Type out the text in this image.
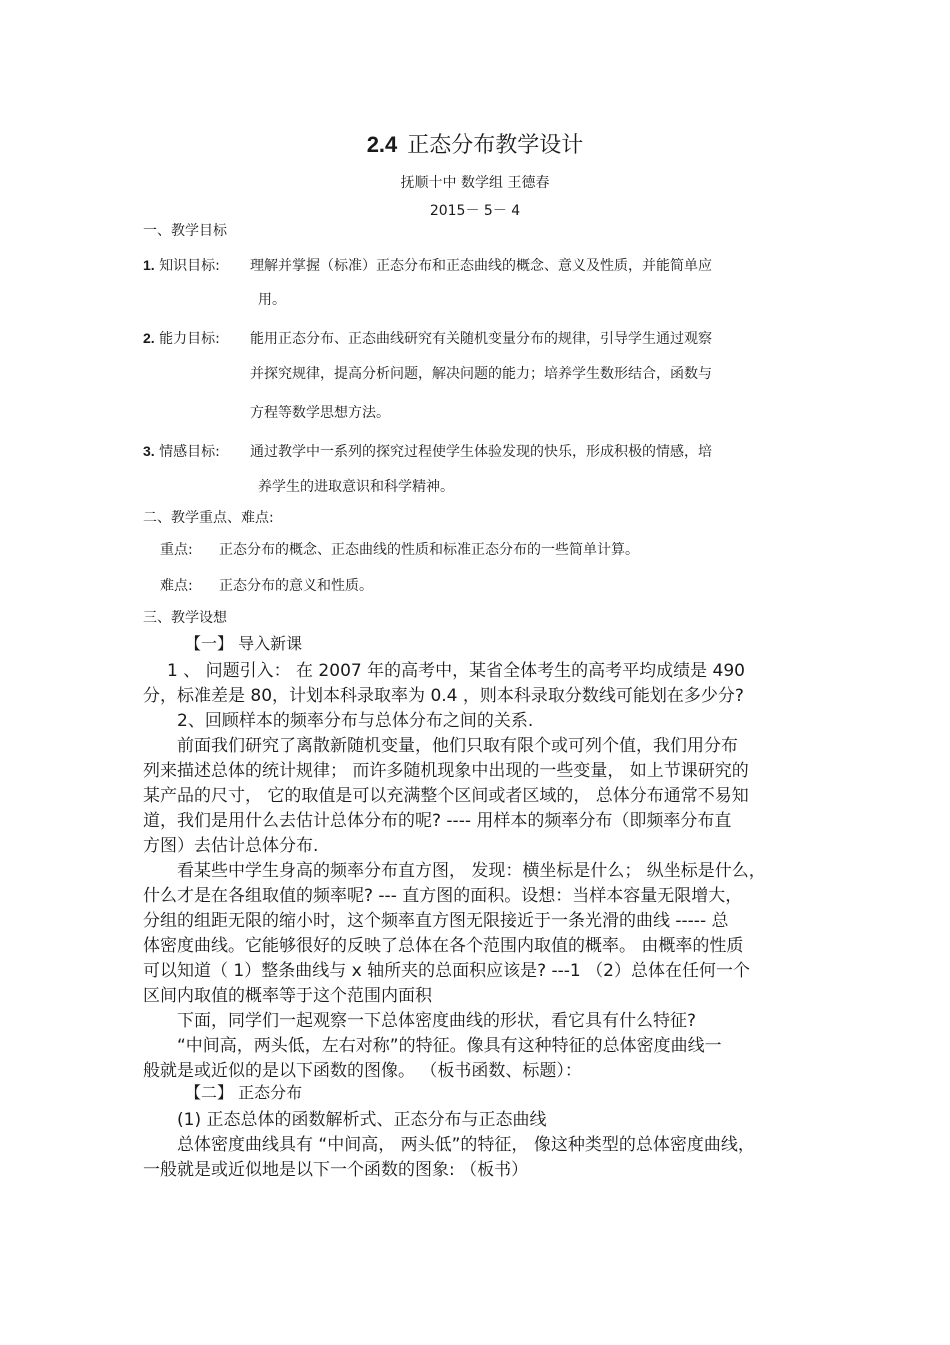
2.4 正态分布教学设计
抚顺十中 数学组 王德春
2015－ 5－ 4
一、教学目标
1. 知识目标: 理解并掌握（标准）正态分布和正态曲线的概念、意义及性质，并能简单应
用。
2. 能力目标: 能用正态分布、正态曲线研究有关随机变量分布的规律，引导学生通过观察
并探究规律，提高分析问题，解决问题的能力；培养学生数形结合，函数与
方程等数学思想方法。
3. 情感目标: 通过教学中一系列的探究过程使学生体验发现的快乐，形成积极的情感，培
养学生的进取意识和科学精神。
二、教学重点、难点:
重点: 正态分布的概念、正态曲线的性质和标准正态分布的一些简单计算。
难点: 正态分布的意义和性质。
三、教学设想
【一】 导入新课
1 、 问题引入： 在 2007 年的高考中，某省全体考生的高考平均成绩是 490
分，标准差是 80，计划本科录取率为 0.4 ，则本科录取分数线可能划在多少分?
2、回顾样本的频率分布与总体分布之间的关系.
前面我们研究了离散新随机变量，他们只取有限个或可列个值，我们用分布
列来描述总体的统计规律； 而许多随机现象中出现的一些变量， 如上节课研究的
某产品的尺寸， 它的取值是可以充满整个区间或者区域的， 总体分布通常不易知
道，我们是用什么去估计总体分布的呢? ---- 用样本的频率分布（即频率分布直
方图）去估计总体分布.
看某些中学生身高的频率分布直方图， 发现：横坐标是什么； 纵坐标是什么，
什么才是在各组取值的频率呢? --- 直方图的面积。设想：当样本容量无限增大，
分组的组距无限的缩小时，这个频率直方图无限接近于一条光滑的曲线 ----- 总
体密度曲线。它能够很好的反映了总体在各个范围内取值的概率。 由概率的性质
可以知道（ 1）整条曲线与 x 轴所夹的总面积应该是? ---1 （2）总体在任何一个
区间内取值的概率等于这个范围内面积
下面，同学们一起观察一下总体密度曲线的形状，看它具有什么特征?
“中间高，两头低，左右对称”的特征。像具有这种特征的总体密度曲线一
般就是或近似的是以下函数的图像。 （板书函数、标题）：
【二】 正态分布
(1) 正态总体的函数解析式、正态分布与正态曲线
总体密度曲线具有 “中间高， 两头低”的特征， 像这种类型的总体密度曲线，
一般就是或近似地是以下一个函数的图象: （板书）
